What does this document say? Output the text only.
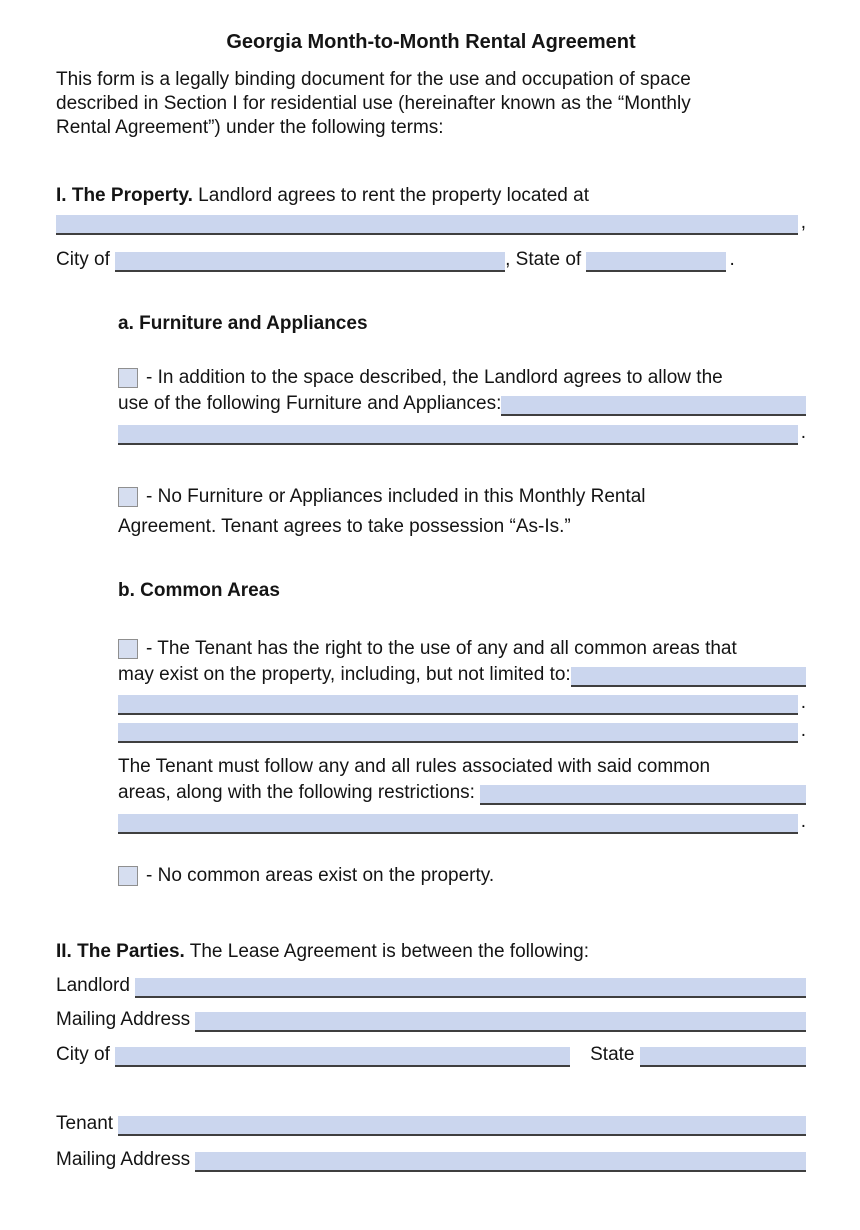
Georgia Month-to-Month Rental Agreement
This form is a legally binding document for the use and occupation of space
described in Section I for residential use (hereinafter known as the “Monthly
Rental Agreement”) under the following terms:
I. The Property. Landlord agrees to rent the property located at
,
City of	, State of	.
a. Furniture and Appliances
- In addition to the space described, the Landlord agrees to allow the
use of the following Furniture and Appliances:
.
- No Furniture or Appliances included in this Monthly Rental
Agreement. Tenant agrees to take possession “As-Is.”
b. Common Areas
- The Tenant has the right to the use of any and all common areas that
may exist on the property, including, but not limited to:
.
.
The Tenant must follow any and all rules associated with said common
areas, along with the following restrictions:
.
- No common areas exist on the property.
II. The Parties. The Lease Agreement is between the following:
Landlord
Mailing Address
City of	State
Tenant
Mailing Address
